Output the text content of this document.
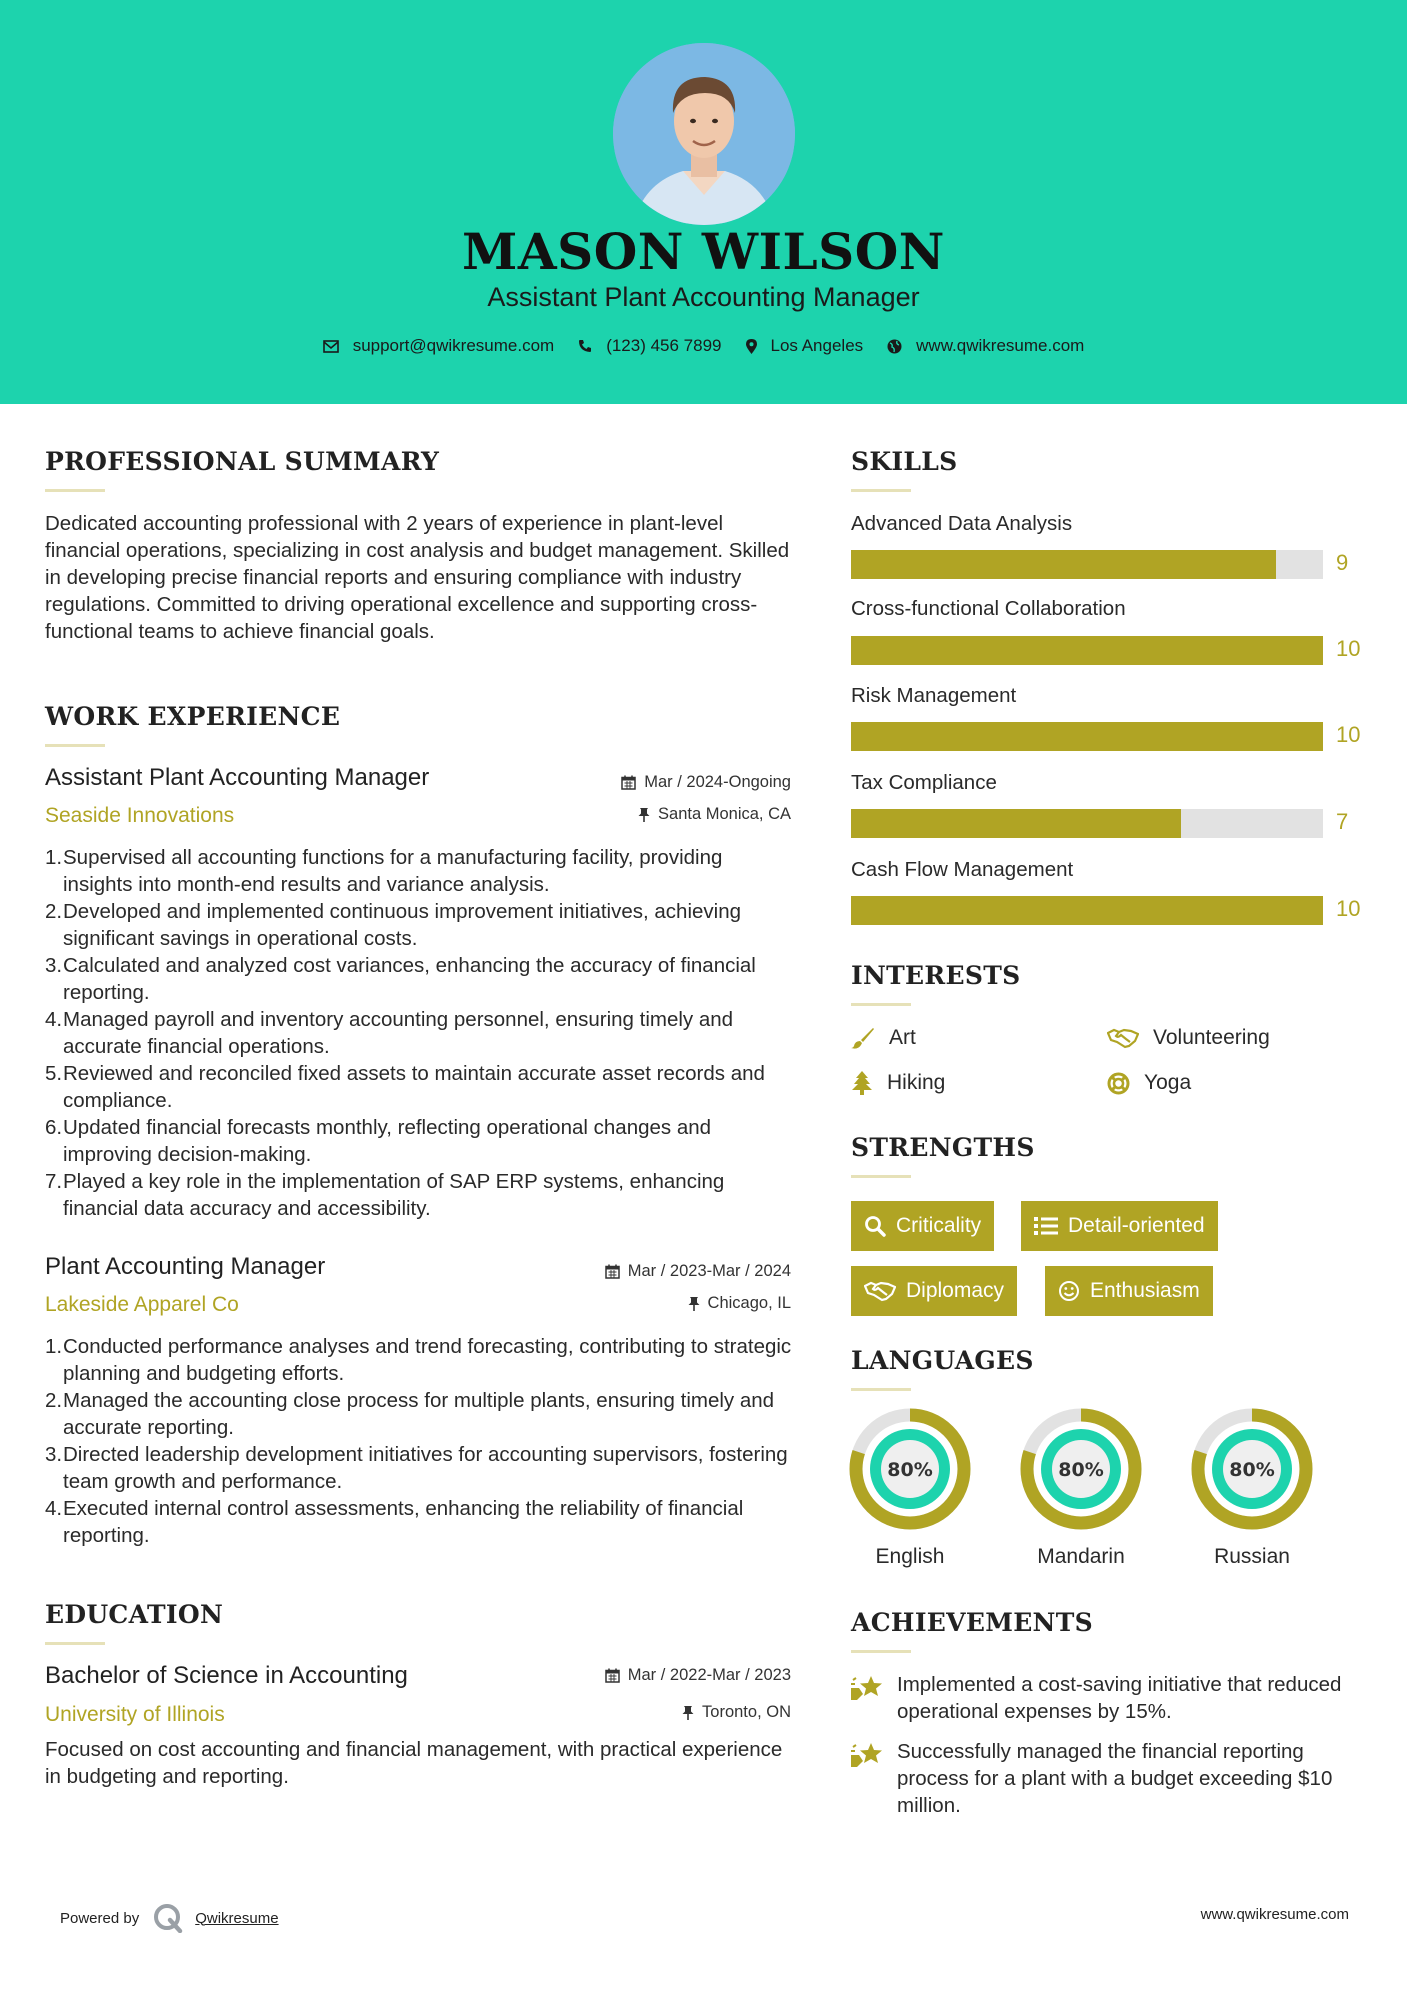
MASON WILSON
Assistant Plant Accounting Manager
support@qwikresume.com	(123) 456 7899	Los Angeles	www.qwikresume.com
PROFESSIONAL SUMMARY
Dedicated accounting professional with 2 years of experience in plant-level financial operations, specializing in cost analysis and budget management. Skilled in developing precise financial reports and ensuring compliance with industry regulations. Committed to driving operational excellence and supporting cross-functional teams to achieve financial goals.
WORK EXPERIENCE
Assistant Plant Accounting Manager
Seaside Innovations
Mar / 2024-Ongoing
Santa Monica, CA
1. Supervised all accounting functions for a manufacturing facility, providing insights into month-end results and variance analysis.
2. Developed and implemented continuous improvement initiatives, achieving significant savings in operational costs.
3. Calculated and analyzed cost variances, enhancing the accuracy of financial reporting.
4. Managed payroll and inventory accounting personnel, ensuring timely and accurate financial operations.
5. Reviewed and reconciled fixed assets to maintain accurate asset records and compliance.
6. Updated financial forecasts monthly, reflecting operational changes and improving decision-making.
7. Played a key role in the implementation of SAP ERP systems, enhancing financial data accuracy and accessibility.
Plant Accounting Manager
Lakeside Apparel Co
Mar / 2023-Mar / 2024
Chicago, IL
1. Conducted performance analyses and trend forecasting, contributing to strategic planning and budgeting efforts.
2. Managed the accounting close process for multiple plants, ensuring timely and accurate reporting.
3. Directed leadership development initiatives for accounting supervisors, fostering team growth and performance.
4. Executed internal control assessments, enhancing the reliability of financial reporting.
EDUCATION
Bachelor of Science in Accounting
University of Illinois
Mar / 2022-Mar / 2023
Toronto, ON
Focused on cost accounting and financial management, with practical experience in budgeting and reporting.
SKILLS
Advanced Data Analysis
9
Cross-functional Collaboration
10
Risk Management
10
Tax Compliance
7
Cash Flow Management
10
INTERESTS
Art	Volunteering
Hiking	Yoga
STRENGTHS
Criticality	Detail-oriented
Diplomacy	Enthusiasm
LANGUAGES
80%
English
80%
Mandarin
80%
Russian
ACHIEVEMENTS
Implemented a cost-saving initiative that reduced operational expenses by 15%.
Successfully managed the financial reporting process for a plant with a budget exceeding $10 million.
Powered by	Qwikresume	www.qwikresume.com
